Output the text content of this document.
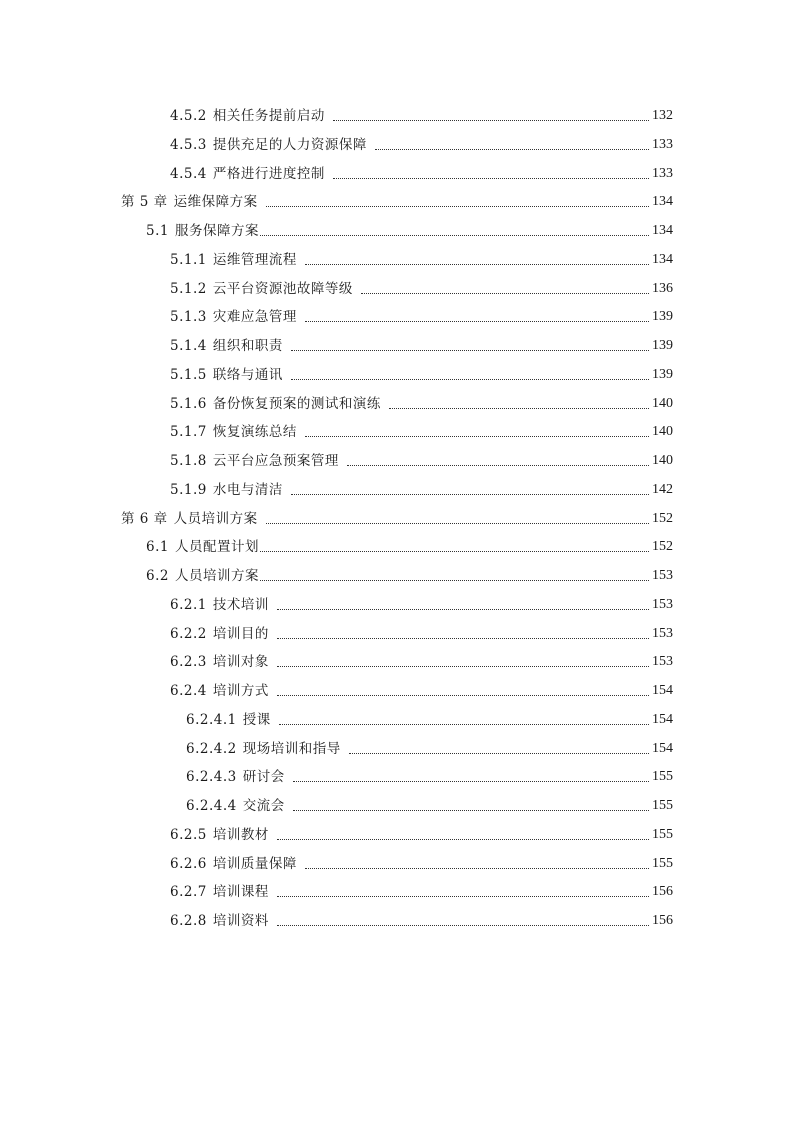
4.5.2 相关任务提前启动	132
4.5.3 提供充足的人力资源保障	133
4.5.4 严格进行进度控制	133
第 5 章 运维保障方案	134
5.1 服务保障方案	134
5.1.1 运维管理流程	134
5.1.2 云平台资源池故障等级	136
5.1.3 灾难应急管理	139
5.1.4 组织和职责	139
5.1.5 联络与通讯	139
5.1.6 备份恢复预案的测试和演练	140
5.1.7 恢复演练总结	140
5.1.8 云平台应急预案管理	140
5.1.9 水电与清洁	142
第 6 章 人员培训方案	152
6.1 人员配置计划	152
6.2 人员培训方案	153
6.2.1 技术培训	153
6.2.2 培训目的	153
6.2.3 培训对象	153
6.2.4 培训方式	154
6.2.4.1 授课	154
6.2.4.2 现场培训和指导	154
6.2.4.3 研讨会	155
6.2.4.4 交流会	155
6.2.5 培训教材	155
6.2.6 培训质量保障	155
6.2.7 培训课程	156
6.2.8 培训资料	156
